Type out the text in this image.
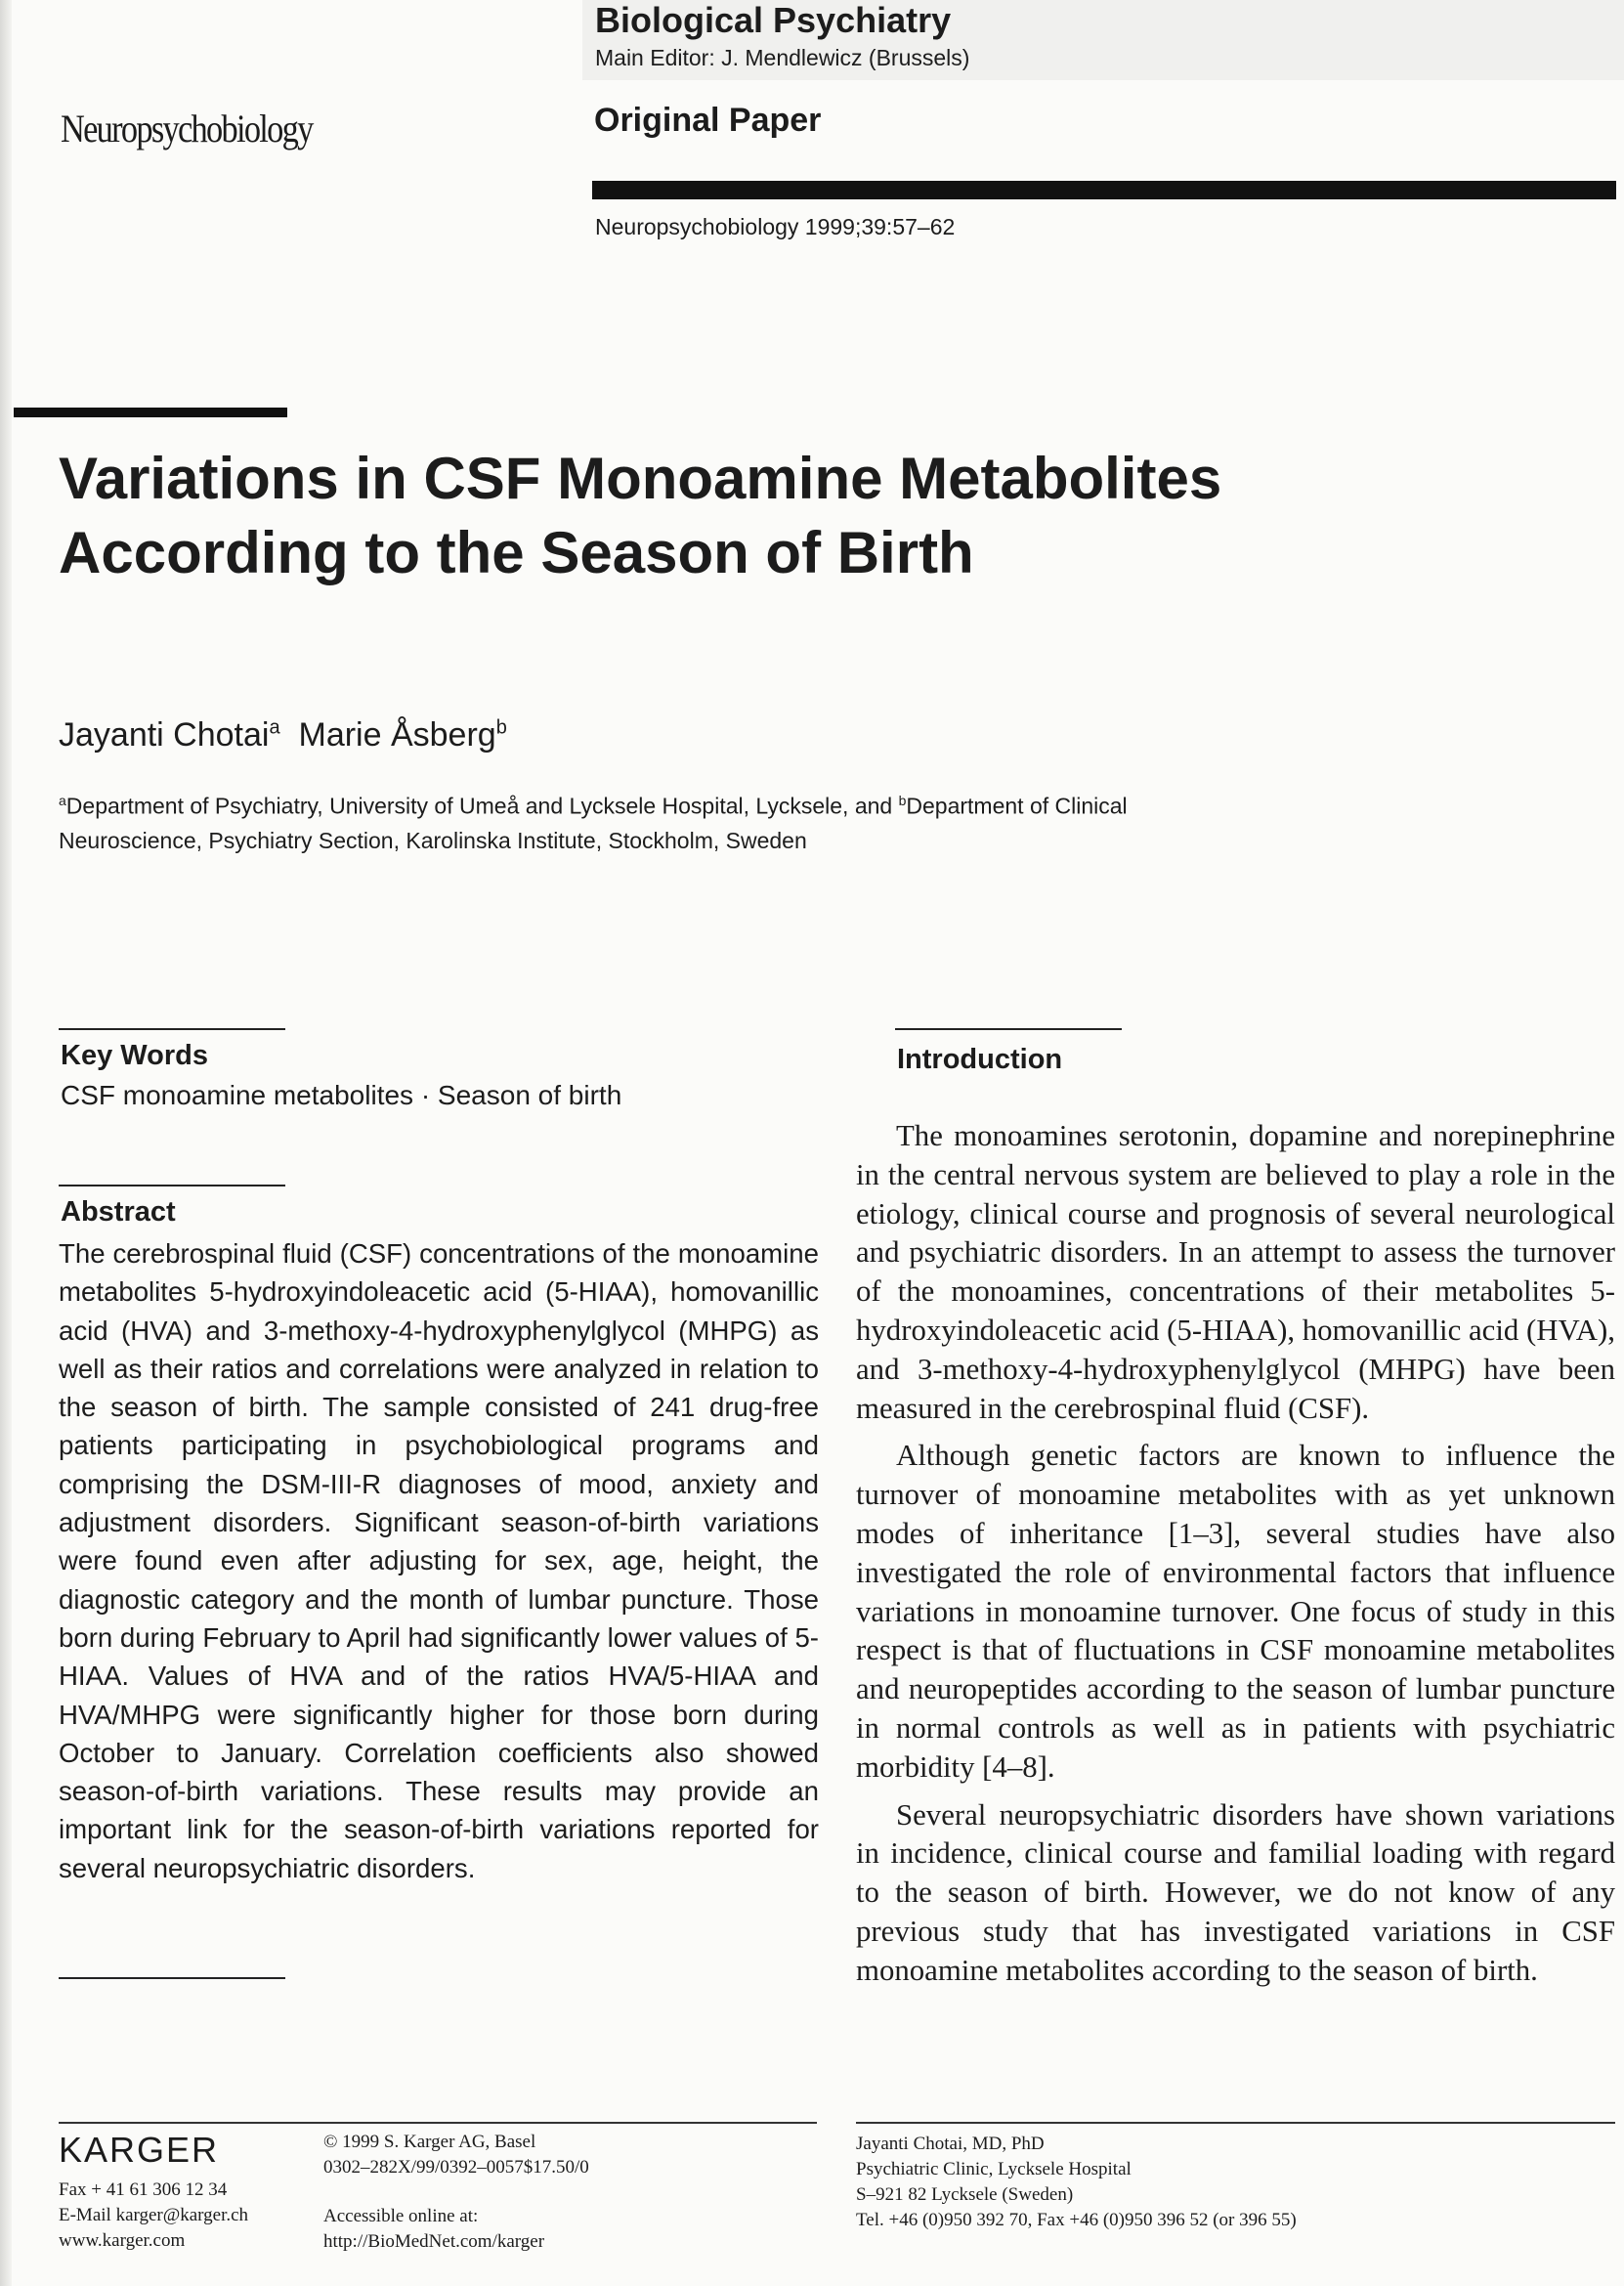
Biological Psychiatry
Main Editor: J. Mendlewicz (Brussels)
Neuropsychobiology	Original Paper
Neuropsychobiology 1999;39:57–62
Variations in CSF Monoamine Metabolites According to the Season of Birth
Jayanti Chotai$^a$ Marie Åsberg$^b$
$^a$Department of Psychiatry, University of Umeå and Lycksele Hospital, Lycksele, and $^b$Department of Clinical Neuroscience, Psychiatry Section, Karolinska Institute, Stockholm, Sweden
Key Words
CSF monoamine metabolites · Season of birth
Abstract

The cerebrospinal fluid (CSF) concentrations of the monoamine metabolites 5-hydroxyindoleacetic acid (5-HIAA), homovanillic acid (HVA) and 3-methoxy-4-hydroxyphenylglycol (MHPG) as well as their ratios and correlations were analyzed in relation to the season of birth. The sample consisted of 241 drug-free patients participating in psychobiological programs and comprising the DSM-III-R diagnoses of mood, anxiety and adjustment disorders. Significant season-of-birth variations were found even after adjusting for sex, age, height, the diagnostic category and the month of lumbar puncture. Those born during February to April had significantly lower values of 5-HIAA. Values of HVA and of the ratios HVA/5-HIAA and HVA/MHPG were significantly higher for those born during October to January. Correlation coefficients also showed season-of-birth variations. These results may provide an important link for the season-of-birth variations reported for several neuropsychiatric disorders.

Introduction

The monoamines serotonin, dopamine and norepinephrine in the central nervous system are believed to play a role in the etiology, clinical course and prognosis of several neurological and psychiatric disorders. In an attempt to assess the turnover of the monoamines, concentrations of their metabolites 5-hydroxyindoleacetic acid (5-HIAA), homovanillic acid (HVA), and 3-methoxy-4-hydroxyphenylglycol (MHPG) have been measured in the cerebrospinal fluid (CSF).

Although genetic factors are known to influence the turnover of monoamine metabolites with as yet unknown modes of inheritance [1–3], several studies have also investigated the role of environmental factors that influence variations in monoamine turnover. One focus of study in this respect is that of fluctuations in CSF monoamine metabolites and neuropeptides according to the season of lumbar puncture in normal controls as well as in patients with psychiatric morbidity [4–8].

Several neuropsychiatric disorders have shown variations in incidence, clinical course and familial loading with regard to the season of birth. However, we do not know of any previous study that has investigated variations in CSF monoamine metabolites according to the season of birth.

KARGER
Fax + 41 61 306 12 34
E-Mail karger@karger.ch
www.karger.com
© 1999 S. Karger AG, Basel
0302–282X/99/0392–0057$17.50/0
Accessible online at:
http://BioMedNet.com/karger
Jayanti Chotai, MD, PhD
Psychiatric Clinic, Lycksele Hospital
S–921 82 Lycksele (Sweden)
Tel. +46 (0)950 392 70, Fax +46 (0)950 396 52 (or 396 55)
